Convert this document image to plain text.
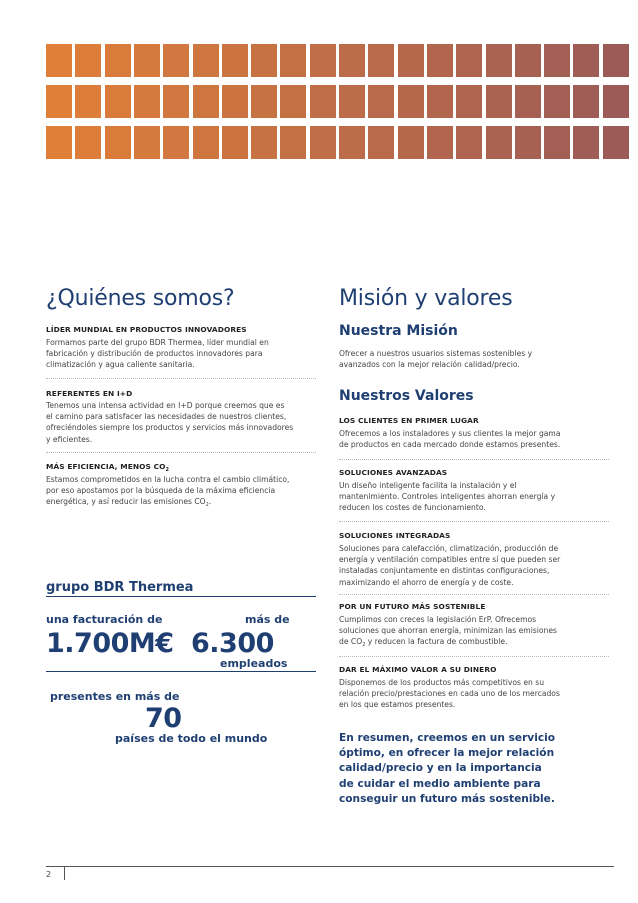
¿Quiénes somos?
LÍDER MUNDIAL EN PRODUCTOS INNOVADORES
Formamos parte del grupo BDR Thermea, líder mundial en
fabricación y distribución de productos innovadores para
climatización y agua caliente sanitaria.
REFERENTES EN I+D
Tenemos una intensa actividad en I+D porque creemos que es
el camino para satisfacer las necesidades de nuestros clientes,
ofreciéndoles siempre los productos y servicios más innovadores
y eficientes.
MÁS EFICIENCIA, MENOS $CO_2$
Estamos comprometidos en la lucha contra el cambio climático,
por eso apostamos por la búsqueda de la máxima eficiencia
energética, y así reducir las emisiones $CO_2$.
grupo BDR Thermea
una facturación de
1.700M€
más de
6.300
empleados
presentes en más de
70
países de todo el mundo
Misión y valores
Nuestra Misión
Ofrecer a nuestros usuarios sistemas sostenibles y
avanzados con la mejor relación calidad/precio.
Nuestros Valores
LOS CLIENTES EN PRIMER LUGAR
Ofrecemos a los instaladores y sus clientes la mejor gama
de productos en cada mercado donde estamos presentes.
SOLUCIONES AVANZADAS
Un diseño inteligente facilita la instalación y el
mantenimiento. Controles inteligentes ahorran energía y
reducen los costes de funcionamiento.
SOLUCIONES INTEGRADAS
Soluciones para calefacción, climatización, producción de
energía y ventilación compatibles entre sí que pueden ser
instaladas conjuntamente en distintas configuraciones,
maximizando el ahorro de energía y de coste.
POR UN FUTURO MÁS SOSTENIBLE
Cumplimos con creces la legislación ErP. Ofrecemos
soluciones que ahorran energía, minimizan las emisiones
de $CO_2$ y reducen la factura de combustible.
DAR EL MÁXIMO VALOR A SU DINERO
Disponemos de los productos más competitivos en su
relación precio/prestaciones en cada uno de los mercados
en los que estamos presentes.
En resumen, creemos en un servicio
óptimo, en ofrecer la mejor relación
calidad/precio y en la importancia
de cuidar el medio ambiente para
conseguir un futuro más sostenible.
2
